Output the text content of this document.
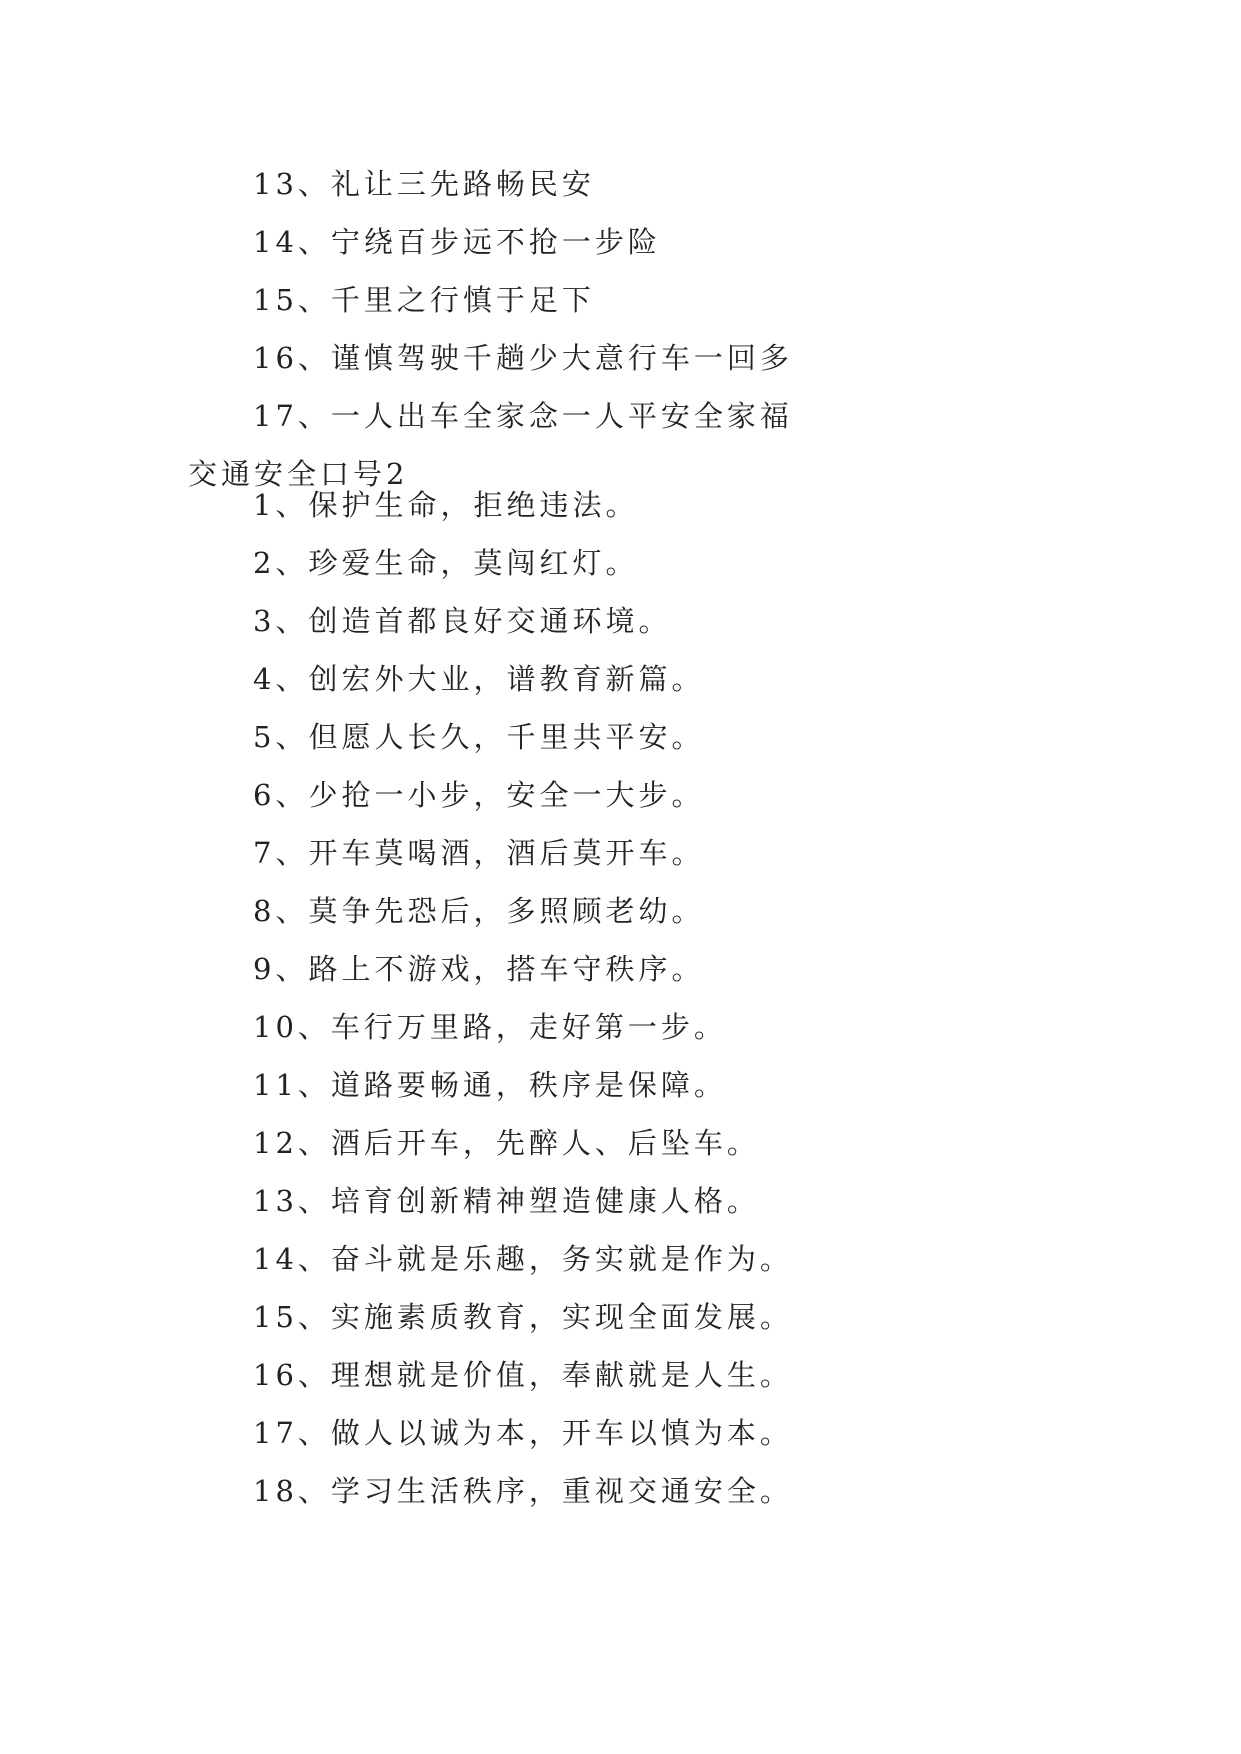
13、礼让三先路畅民安
14、宁绕百步远不抢一步险
15、千里之行慎于足下
16、谨慎驾驶千趟少大意行车一回多
17、一人出车全家念一人平安全家福
交通安全口号2
1、保护生命，拒绝违法。
2、珍爱生命，莫闯红灯。
3、创造首都良好交通环境。
4、创宏外大业，谱教育新篇。
5、但愿人长久，千里共平安。
6、少抢一小步，安全一大步。
7、开车莫喝酒，酒后莫开车。
8、莫争先恐后，多照顾老幼。
9、路上不游戏，搭车守秩序。
10、车行万里路，走好第一步。
11、道路要畅通，秩序是保障。
12、酒后开车，先醉人、后坠车。
13、培育创新精神塑造健康人格。
14、奋斗就是乐趣，务实就是作为。
15、实施素质教育，实现全面发展。
16、理想就是价值，奉献就是人生。
17、做人以诚为本，开车以慎为本。
18、学习生活秩序，重视交通安全。
